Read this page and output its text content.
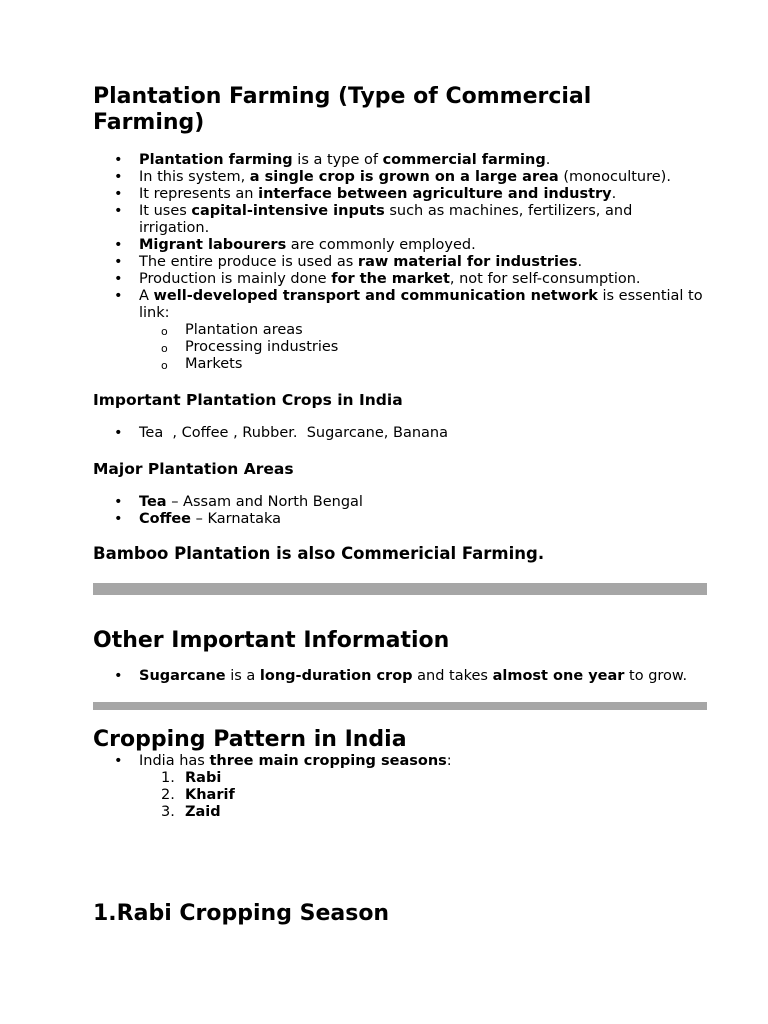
Plantation Farming (Type of Commercial Farming)
• Plantation farming is a type of commercial farming.
• In this system, a single crop is grown on a large area (monoculture).
• It represents an interface between agriculture and industry.
• It uses capital-intensive inputs such as machines, fertilizers, and irrigation.
• Migrant labourers are commonly employed.
• The entire produce is used as raw material for industries.
• Production is mainly done for the market, not for self-consumption.
• A well-developed transport and communication network is essential to link:
o Plantation areas
o Processing industries
o Markets
Important Plantation Crops in India
• Tea  , Coffee , Rubber.  Sugarcane, Banana
Major Plantation Areas
• Tea – Assam and North Bengal
• Coffee – Karnataka
Bamboo Plantation is also Commericial Farming.
Other Important Information
• Sugarcane is a long-duration crop and takes almost one year to grow.
Cropping Pattern in India
• India has three main cropping seasons:
1. Rabi
2. Kharif
3. Zaid
1.Rabi Cropping Season
